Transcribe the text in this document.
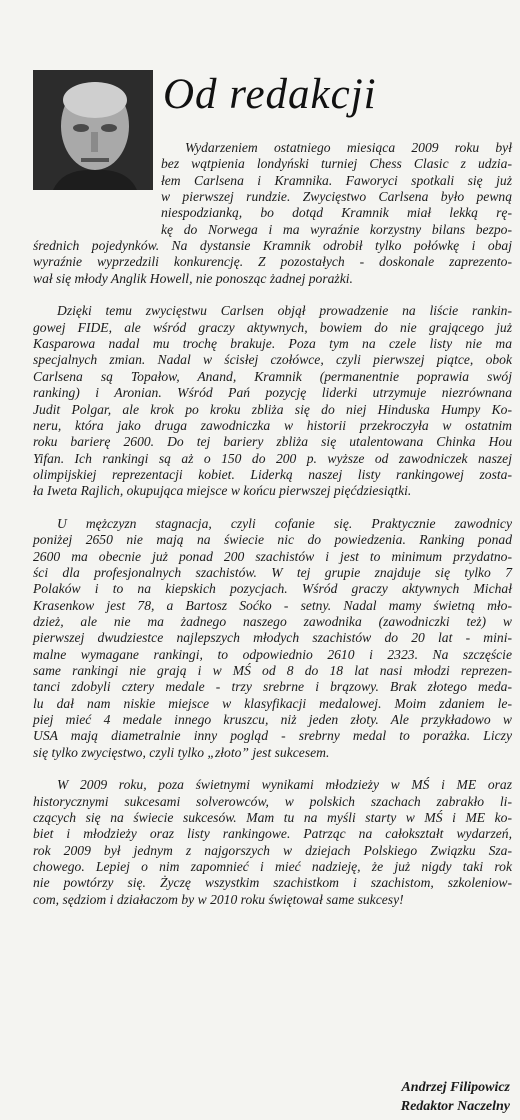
Od redakcji
Wydarzeniem ostatniego miesiąca 2009 roku był
bez wątpienia londyński turniej Chess Clasic z udzia-
łem Carlsena i Kramnika. Faworyci spotkali się już
w pierwszej rundzie. Zwycięstwo Carlsena było pewną
niespodzianką, bo dotąd Kramnik miał lekką rę-
kę do Norwega i ma wyraźnie korzystny bilans bezpo-
średnich pojedynków. Na dystansie Kramnik odrobił tylko połówkę i obaj
wyraźnie wyprzedzili konkurencję. Z pozostałych - doskonale zaprezento-
wał się młody Anglik Howell, nie ponosząc żadnej porażki.

Dzięki temu zwycięstwu Carlsen objął prowadzenie na liście rankin-
gowej FIDE, ale wśród graczy aktywnych, bowiem do nie grającego już
Kasparowa nadal mu trochę brakuje. Poza tym na czele listy nie ma
specjalnych zmian. Nadal w ścisłej czołówce, czyli pierwszej piątce, obok
Carlsena są Topałow, Anand, Kramnik (permanentnie poprawia swój
ranking) i Aronian. Wśród Pań pozycję liderki utrzymuje niezrównana
Judit Polgar, ale krok po kroku zbliża się do niej Hinduska Humpy Ko-
neru, która jako druga zawodniczka w historii przekroczyła w ostatnim
roku barierę 2600. Do tej bariery zbliża się utalentowana Chinka Hou
Yifan. Ich rankingi są aż o 150 do 200 p. wyższe od zawodniczek naszej
olimpijskiej reprezentacji kobiet. Liderką naszej listy rankingowej zosta-
ła Iweta Rajlich, okupująca miejsce w końcu pierwszej pięćdziesiątki.

U mężczyzn stagnacja, czyli cofanie się. Praktycznie zawodnicy
poniżej 2650 nie mają na świecie nic do powiedzenia. Ranking ponad
2600 ma obecnie już ponad 200 szachistów i jest to minimum przydatno-
ści dla profesjonalnych szachistów. W tej grupie znajduje się tylko 7
Polaków i to na kiepskich pozycjach. Wśród graczy aktywnych Michał
Krasenkow jest 78, a Bartosz Soćko - setny. Nadal mamy świetną mło-
dzież, ale nie ma żadnego naszego zawodnika (zawodniczki też) w
pierwszej dwudziestce najlepszych młodych szachistów do 20 lat - mini-
malne wymagane rankingi, to odpowiednio 2610 i 2323. Na szczęście
same rankingi nie grają i w MŚ od 8 do 18 lat nasi młodzi reprezen-
tanci zdobyli cztery medale - trzy srebrne i brązowy. Brak złotego meda-
lu dał nam niskie miejsce w klasyfikacji medalowej. Moim zdaniem le-
piej mieć 4 medale innego kruszcu, niż jeden złoty. Ale przykładowo w
USA mają diametralnie inny pogląd - srebrny medal to porażka. Liczy
się tylko zwycięstwo, czyli tylko „złoto” jest sukcesem.

W 2009 roku, poza świetnymi wynikami młodzieży w MŚ i ME oraz
historycznymi sukcesami solverowców, w polskich szachach zabrakło li-
czących się na świecie sukcesów. Mam tu na myśli starty w MŚ i ME ko-
biet i młodzieży oraz listy rankingowe. Patrząc na całokształt wydarzeń,
rok 2009 był jednym z najgorszych w dziejach Polskiego Związku Sza-
chowego. Lepiej o nim zapomnieć i mieć nadzieję, że już nigdy taki rok
nie powtórzy się. Życzę wszystkim szachistkom i szachistom, szkoleniow-
com, sędziom i działaczom by w 2010 roku świętował same sukcesy!
Andrzej Filipowicz
Redaktor Naczelny
